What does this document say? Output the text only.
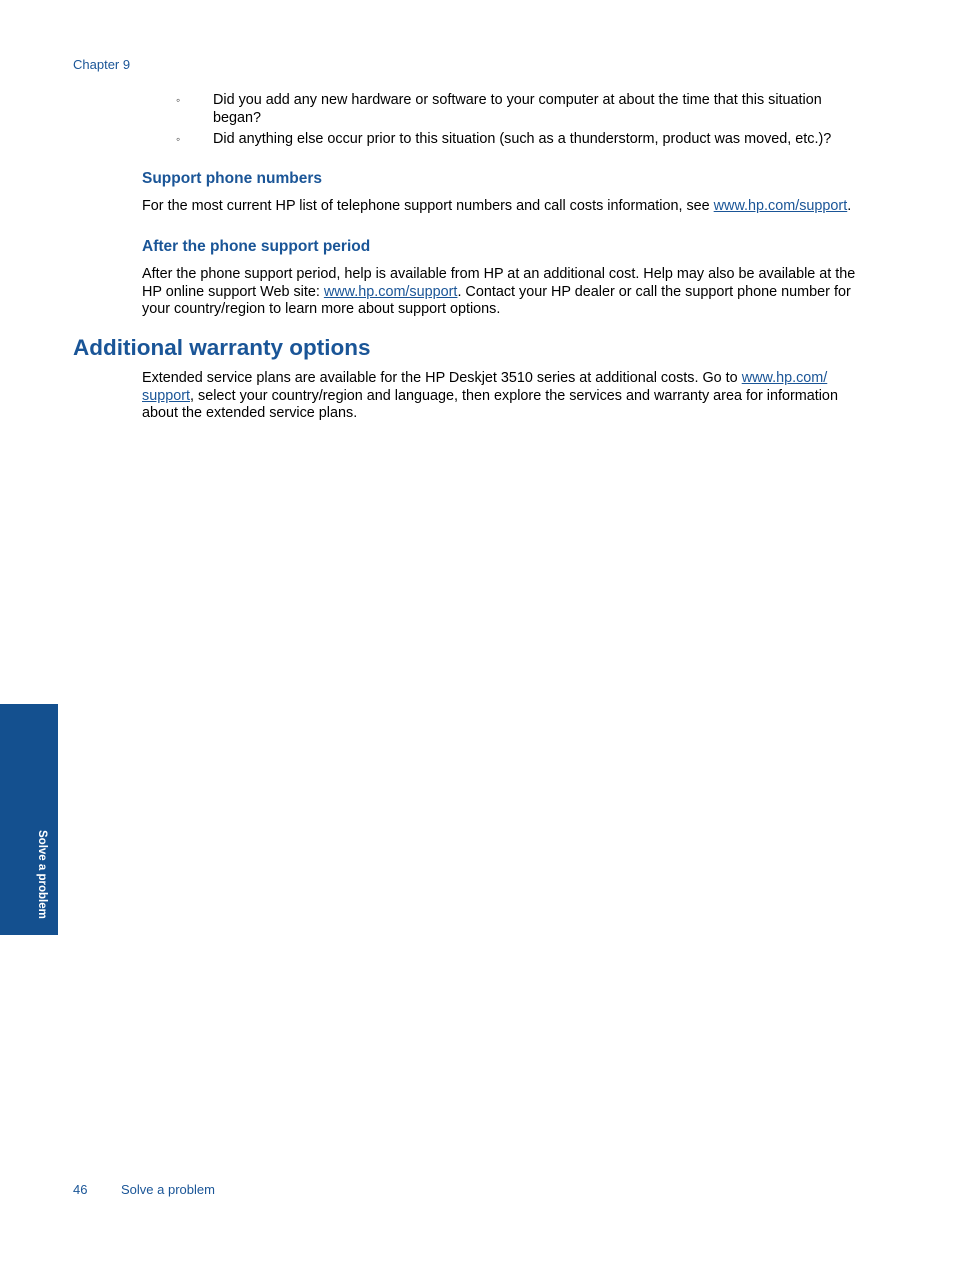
Chapter 9
◦ Did you add any new hardware or software to your computer at about the time that this situation began?
◦ Did anything else occur prior to this situation (such as a thunderstorm, product was moved, etc.)?
Support phone numbers
For the most current HP list of telephone support numbers and call costs information, see www.hp.com/support.
After the phone support period
After the phone support period, help is available from HP at an additional cost. Help may also be available at the HP online support Web site: www.hp.com/support. Contact your HP dealer or call the support phone number for your country/region to learn more about support options.
Additional warranty options
Extended service plans are available for the HP Deskjet 3510 series at additional costs. Go to www.hp.com/ support, select your country/region and language, then explore the services and warranty area for information about the extended service plans.
Solve a problem
46	Solve a problem
